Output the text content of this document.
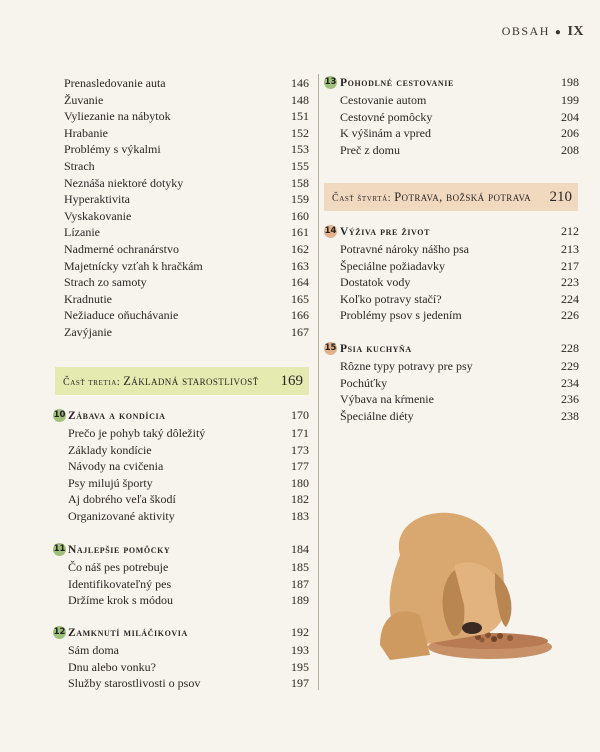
OBSAH ● IX
Prenasledovanie auta	146
Žuvanie	148
Vyliezanie na nábytok	151
Hrabanie	152
Problémy s výkalmi	153
Strach	155
Neznáša niektoré dotyky	158
Hyperaktivita	159
Vyskakovanie	160
Lízanie	161
Nadmerné ochranárstvo	162
Majetnícky vzťah k hračkám	163
Strach zo samoty	164
Kradnutie	165
Nežiaduce oňuchávanie	166
Zavýjanie	167
Časť tretia: Základná starostlivosť 169
10 Zábava a kondícia	170
Prečo je pohyb taký dôležitý	171
Základy kondície	173
Návody na cvičenia	177
Psy milujú športy	180
Aj dobrého veľa škodí	182
Organizované aktivity	183
11 Najlepšie pomôcky	184
Čo náš pes potrebuje	185
Identifikovateľný pes	187
Držíme krok s módou	189
12 Zamknutí miláčikovia	192
Sám doma	193
Dnu alebo vonku?	195
Služby starostlivosti o psov	197
13 Pohodlné cestovanie	198
Cestovanie autom	199
Cestovné pomôcky	204
K výšinám a vpred	206
Preč z domu	208
Časť štvrtá: Potrava, božská potrava 210
14 Výživa pre život	212
Potravné nároky nášho psa	213
Špeciálne požiadavky	217
Dostatok vody	223
Koľko potravy stačí?	224
Problémy psov s jedením	226
15 Psia kuchyňa	228
Rôzne typy potravy pre psy	229
Pochúťky	234
Výbava na kŕmenie	236
Špeciálne diéty	238
